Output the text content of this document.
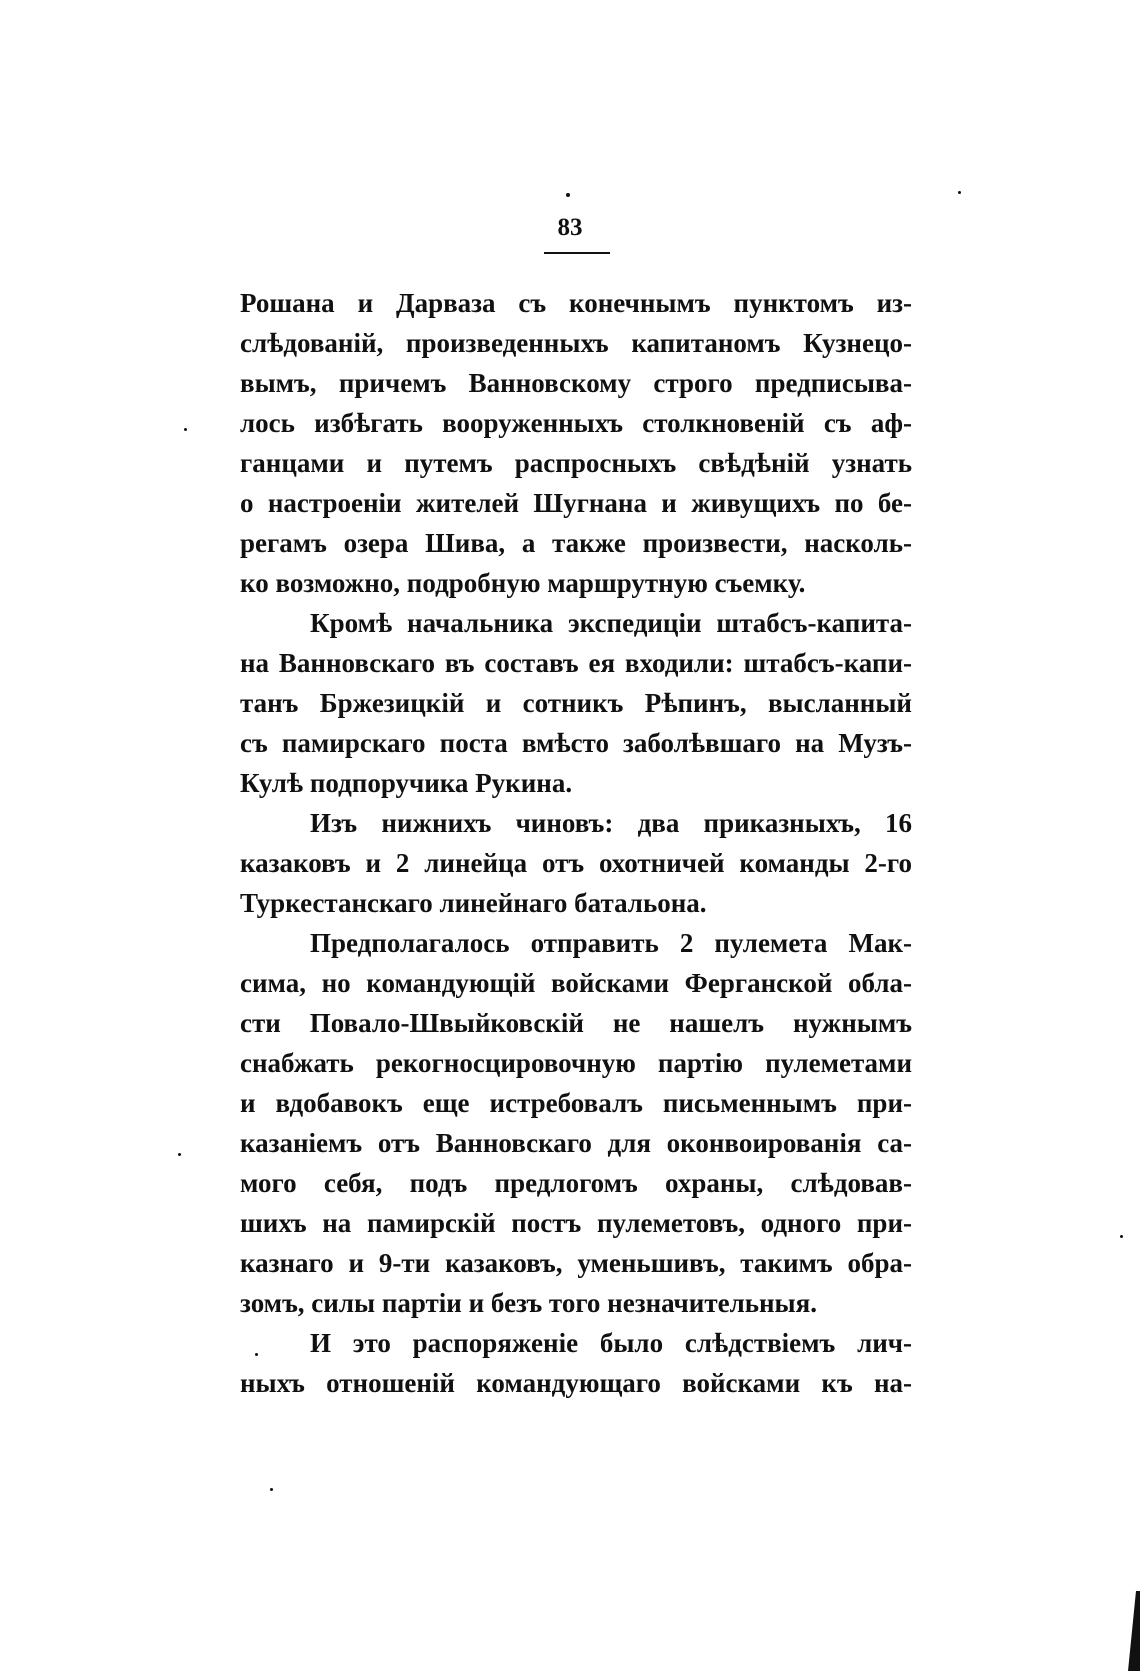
83
Рошана и Дарваза съ конечнымъ пунктомъ из-
слѣдованій, произведенныхъ капитаномъ Кузнецо-
вымъ, причемъ Ванновскому строго предписыва-
лось избѣгать вооруженныхъ столкновеній съ аф-
ганцами и путемъ распросныхъ свѣдѣній узнать
о настроеніи жителей Шугнана и живущихъ по бе-
регамъ озера Шива, а также произвести, насколь-
ко возможно, подробную маршрутную съемку.
Кромѣ начальника экспедиціи штабсъ-капита-
на Ванновскаго въ составъ ея входили: штабсъ-капи-
танъ Бржезицкій и сотникъ Рѣпинъ, высланный
съ памирскаго поста вмѣсто заболѣвшаго на Музъ-
Кулѣ подпоручика Рукина.
Изъ нижнихъ чиновъ: два приказныхъ, 16
казаковъ и 2 линейца отъ охотничей команды 2-го
Туркестанскаго линейнаго батальона.
Предполагалось отправить 2 пулемета Мак-
сима, но командующій войсками Ферганской обла-
сти Повало-Швыйковскій не нашелъ нужнымъ
снабжать рекогносцировочную партію пулеметами
и вдобавокъ еще истребовалъ письменнымъ при-
казаніемъ отъ Ванновскаго для оконвоированія са-
мого себя, подъ предлогомъ охраны, слѣдовав-
шихъ на памирскій постъ пулеметовъ, одного при-
казнаго и 9-ти казаковъ, уменьшивъ, такимъ обра-
зомъ, силы партіи и безъ того незначительныя.
И это распоряженіе было слѣдствіемъ лич-
ныхъ отношеній командующаго войсками къ на-
